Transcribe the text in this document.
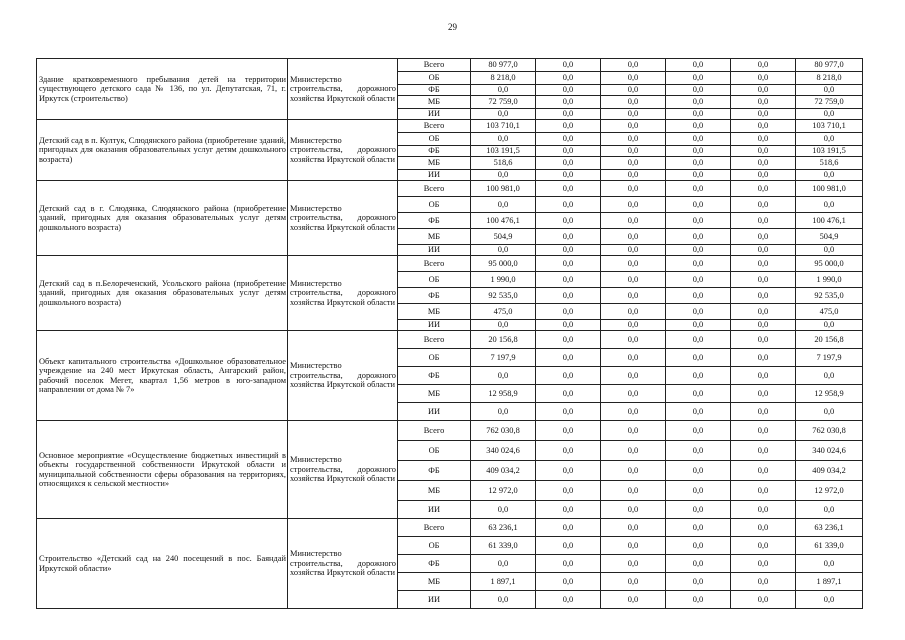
29
Здание кратковременного пребывания детей на территории существующего детского сада № 136, по ул. Депутатская, 71, г. Иркутск (строительство)	Министерство строительства, дорожного хозяйства Иркутской области	Всего	80 977,0	0,0	0,0	0,0	0,0	80 977,0
		ОБ	8 218,0	0,0	0,0	0,0	0,0	8 218,0
		ФБ	0,0	0,0	0,0	0,0	0,0	0,0
		МБ	72 759,0	0,0	0,0	0,0	0,0	72 759,0
		ИИ	0,0	0,0	0,0	0,0	0,0	0,0
Детский сад в п. Култук, Слюдянского района (приобретение зданий, пригодных для оказания образовательных услуг детям дошкольного возраста)	Министерство строительства, дорожного хозяйства Иркутской области	Всего	103 710,1	0,0	0,0	0,0	0,0	103 710,1
		ОБ	0,0	0,0	0,0	0,0	0,0	0,0
		ФБ	103 191,5	0,0	0,0	0,0	0,0	103 191,5
		МБ	518,6	0,0	0,0	0,0	0,0	518,6
		ИИ	0,0	0,0	0,0	0,0	0,0	0,0
Детский сад в г. Слюдянка, Слюдянского района (приобретение зданий, пригодных для оказания образовательных услуг детям дошкольного возраста)	Министерство строительства, дорожного хозяйства Иркутской области	Всего	100 981,0	0,0	0,0	0,0	0,0	100 981,0
		ОБ	0,0	0,0	0,0	0,0	0,0	0,0
		ФБ	100 476,1	0,0	0,0	0,0	0,0	100 476,1
		МБ	504,9	0,0	0,0	0,0	0,0	504,9
		ИИ	0,0	0,0	0,0	0,0	0,0	0,0
Детский сад в п.Белореченский, Усольского района (приобретение зданий, пригодных для оказания образовательных услуг детям дошкольного возраста)	Министерство строительства, дорожного хозяйства Иркутской области	Всего	95 000,0	0,0	0,0	0,0	0,0	95 000,0
		ОБ	1 990,0	0,0	0,0	0,0	0,0	1 990,0
		ФБ	92 535,0	0,0	0,0	0,0	0,0	92 535,0
		МБ	475,0	0,0	0,0	0,0	0,0	475,0
		ИИ	0,0	0,0	0,0	0,0	0,0	0,0
Объект капитального строительства «Дошкольное образовательное учреждение на 240 мест Иркутская область, Ангарский район, рабочий поселок Мегет, квартал 1,56 метров в юго-западном направлении от дома № 7»	Министерство строительства, дорожного хозяйства Иркутской области	Всего	20 156,8	0,0	0,0	0,0	0,0	20 156,8
		ОБ	7 197,9	0,0	0,0	0,0	0,0	7 197,9
		ФБ	0,0	0,0	0,0	0,0	0,0	0,0
		МБ	12 958,9	0,0	0,0	0,0	0,0	12 958,9
		ИИ	0,0	0,0	0,0	0,0	0,0	0,0
Основное мероприятие «Осуществление бюджетных инвестиций в объекты государственной собственности Иркутской области и муниципальной собственности сферы образования на территориях, относящихся к сельской местности»	Министерство строительства, дорожного хозяйства Иркутской области	Всего	762 030,8	0,0	0,0	0,0	0,0	762 030,8
		ОБ	340 024,6	0,0	0,0	0,0	0,0	340 024,6
		ФБ	409 034,2	0,0	0,0	0,0	0,0	409 034,2
		МБ	12 972,0	0,0	0,0	0,0	0,0	12 972,0
		ИИ	0,0	0,0	0,0	0,0	0,0	0,0
Строительство «Детский сад на 240 посещений в пос. Баяндай Иркутской области»	Министерство строительства, дорожного хозяйства Иркутской области	Всего	63 236,1	0,0	0,0	0,0	0,0	63 236,1
		ОБ	61 339,0	0,0	0,0	0,0	0,0	61 339,0
		ФБ	0,0	0,0	0,0	0,0	0,0	0,0
		МБ	1 897,1	0,0	0,0	0,0	0,0	1 897,1
		ИИ	0,0	0,0	0,0	0,0	0,0	0,0
